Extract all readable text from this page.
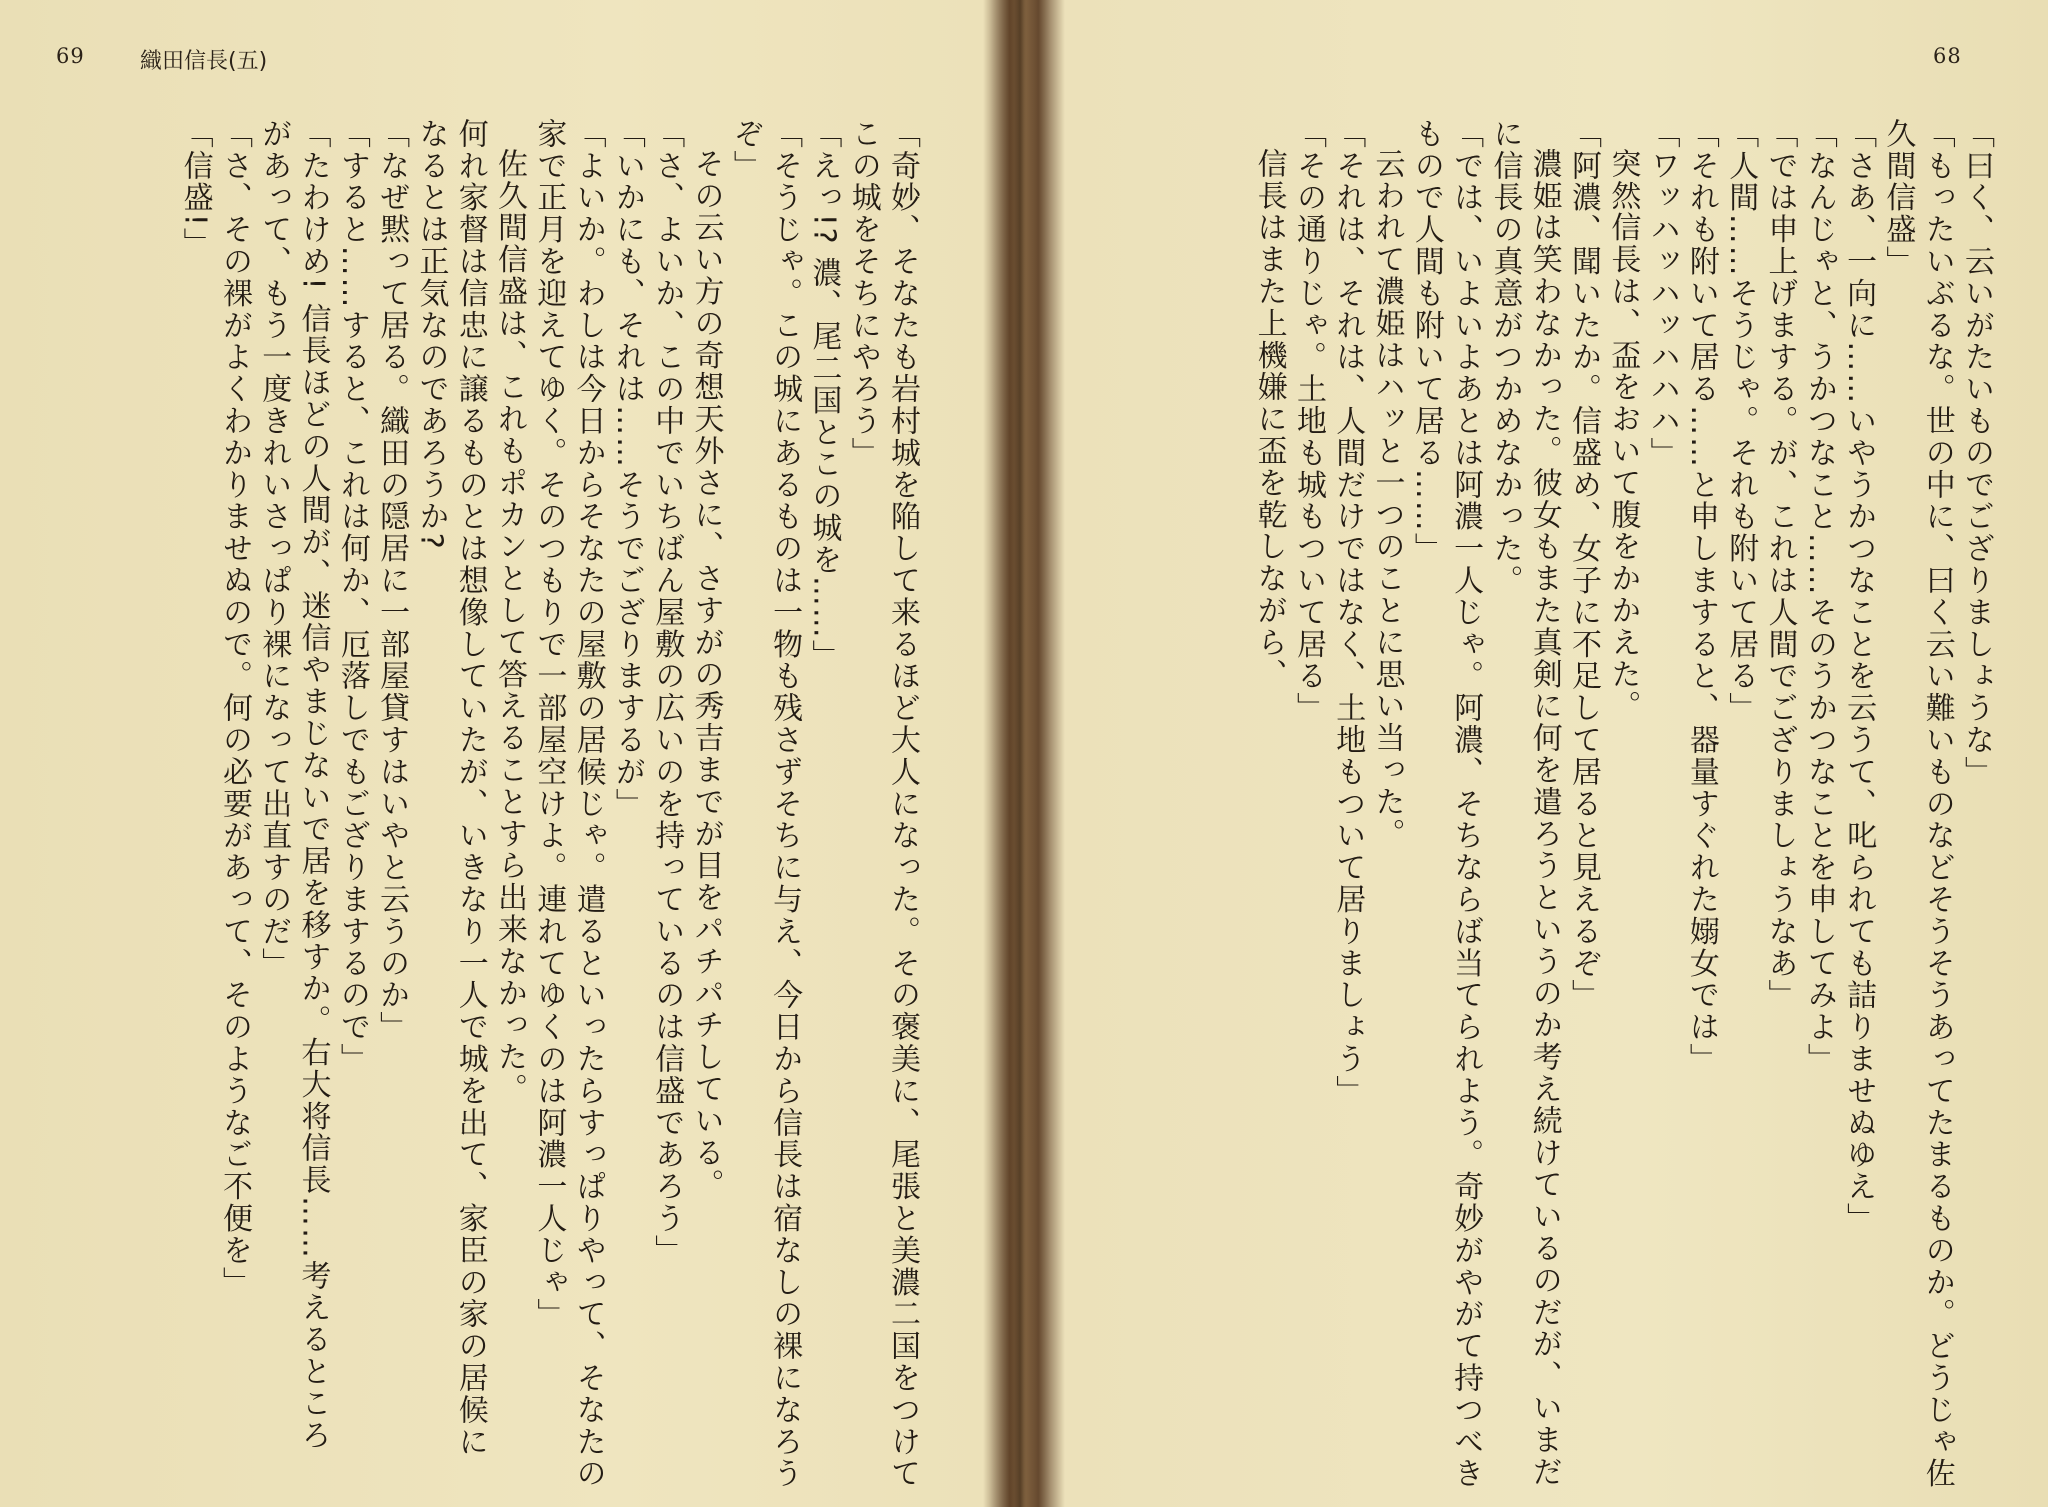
69	織田信長(五)
「奇妙、そなたも岩村城を陥して来るほど大人になった。その褒美に、尾張と美濃二国をつけて
この城をそちにやろう」
「えっ!? 濃、尾二国とこの城を……」
「そうじゃ。この城にあるものは一物も残さずそちに与え、今日から信長は宿なしの裸になろう
ぞ」
その云い方の奇想天外さに、さすがの秀吉までが目をパチパチしている。
「さ、よいか、この中でいちばん屋敷の広いのを持っているのは信盛であろう」
「いかにも、それは……そうでござりまするが」
「よいか。わしは今日からそなたの屋敷の居候じゃ。遣るといったらすっぱりやって、そなたの
家で正月を迎えてゆく。そのつもりで一部屋空けよ。連れてゆくのは阿濃一人じゃ」
佐久間信盛は、これもポカンとして答えることすら出来なかった。
何れ家督は信忠に譲るものとは想像していたが、いきなり一人で城を出て、家臣の家の居候に
なるとは正気なのであろうか?
「なぜ黙って居る。織田の隠居に一部屋貸すはいやと云うのか」
「すると……すると、これは何か、厄落しでもござりまするので」
「たわけめ! 信長ほどの人間が、迷信やまじないで居を移すか。右大将信長……考えるところ
があって、もう一度きれいさっぱり裸になって出直すのだ」
「さ、その裸がよくわかりませぬので。何の必要があって、そのようなご不便を」
「信盛!」
68
「曰く、云いがたいものでござりましょうな」
「もったいぶるな。世の中に、曰く云い難いものなどそうそうあってたまるものか。どうじゃ佐
久間信盛」
「さあ、一向に……いやうかつなことを云うて、叱られても詰りませぬゆえ」
「なんじゃと、うかつなこと……そのうかつなことを申してみよ」
「では申上げまする。が、これは人間でござりましょうなあ」
「人間……そうじゃ。それも附いて居る」
「それも附いて居る……と申しますると、器量すぐれた嫋女では」
「ワッハッハッハハハ」
突然信長は、盃をおいて腹をかかえた。
「阿濃、聞いたか。信盛め、女子に不足して居ると見えるぞ」
濃姫は笑わなかった。彼女もまた真剣に何を遣ろうというのか考え続けているのだが、いまだ
に信長の真意がつかめなかった。
「では、いよいよあとは阿濃一人じゃ。阿濃、そちならば当てられよう。奇妙がやがて持つべき
もので人間も附いて居る……」
云われて濃姫はハッと一つのことに思い当った。
「それは、それは、人間だけではなく、土地もついて居りましょう」
「その通りじゃ。土地も城もついて居る」
信長はまた上機嫌に盃を乾しながら、
